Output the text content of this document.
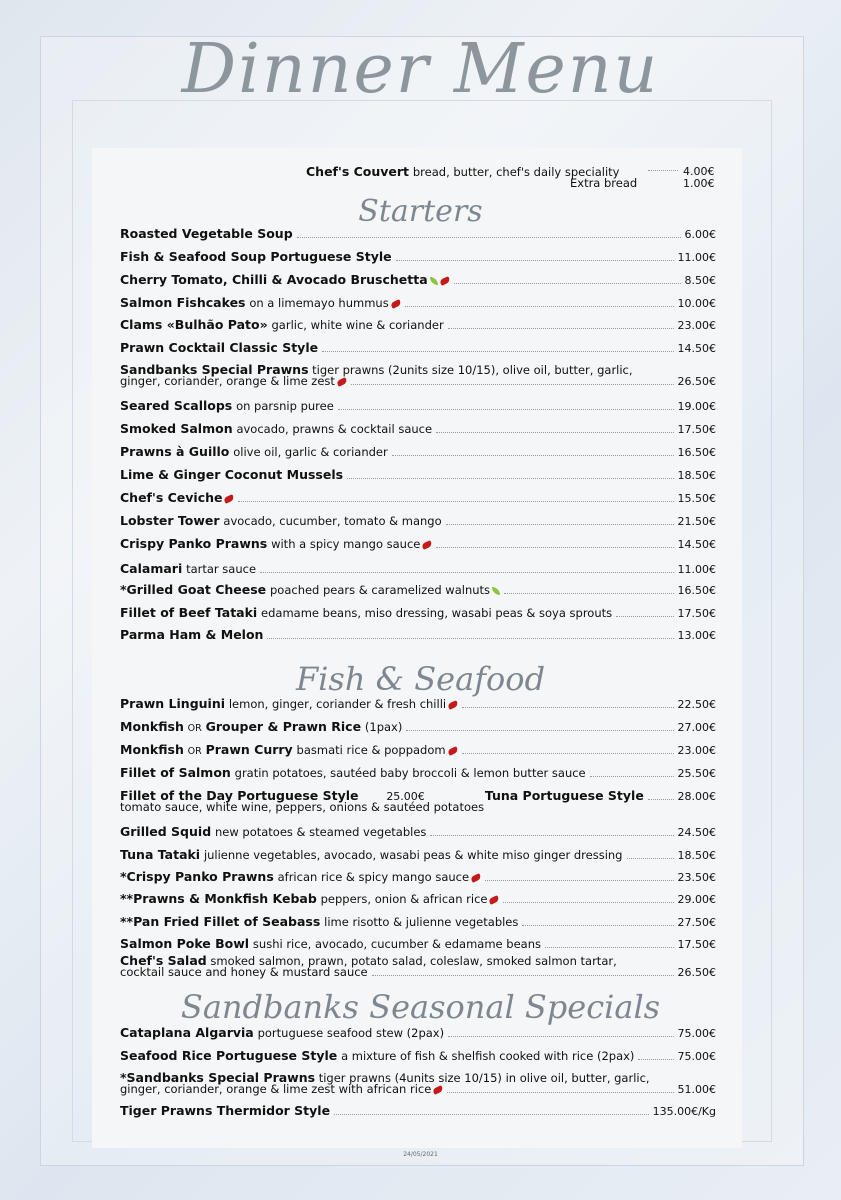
Dinner Menu
Chef's Couvert bread, butter, chef's daily speciality	4.00€
Extra bread	1.00€
Starters
Roasted Vegetable Soup	6.00€
Fish & Seafood Soup Portuguese Style	11.00€
Cherry Tomato, Chilli & Avocado Bruschetta	8.50€
Salmon Fishcakes on a limemayo hummus	10.00€
Clams «Bulhão Pato» garlic, white wine & coriander	23.00€
Prawn Cocktail Classic Style	14.50€
Sandbanks Special Prawns tiger prawns (2units size 10/15), olive oil, butter, garlic,
ginger, coriander, orange & lime zest	26.50€
Seared Scallops on parsnip puree	19.00€
Smoked Salmon avocado, prawns & cocktail sauce	17.50€
Prawns à Guillo olive oil, garlic & coriander	16.50€
Lime & Ginger Coconut Mussels	18.50€
Chef's Ceviche	15.50€
Lobster Tower avocado, cucumber, tomato & mango	21.50€
Crispy Panko Prawns with a spicy mango sauce	14.50€
Calamari tartar sauce	11.00€
*Grilled Goat Cheese poached pears & caramelized walnuts	16.50€
Fillet of Beef Tataki edamame beans, miso dressing, wasabi peas & soya sprouts	17.50€
Parma Ham & Melon	13.00€
Fish & Seafood
Prawn Linguini lemon, ginger, coriander & fresh chilli	22.50€
Monkfish OR Grouper & Prawn Rice (1pax)	27.00€
Monkfish OR Prawn Curry basmati rice & poppadom	23.00€
Fillet of Salmon gratin potatoes, sautéed baby broccoli & lemon butter sauce	25.50€
Fillet of the Day Portuguese Style	25.00€	Tuna Portuguese Style	28.00€
tomato sauce, white wine, peppers, onions & sautéed potatoes
Grilled Squid new potatoes & steamed vegetables	24.50€
Tuna Tataki julienne vegetables, avocado, wasabi peas & white miso ginger dressing	18.50€
*Crispy Panko Prawns african rice & spicy mango sauce	23.50€
**Prawns & Monkfish Kebab peppers, onion & african rice	29.00€
**Pan Fried Fillet of Seabass lime risotto & julienne vegetables	27.50€
Salmon Poke Bowl sushi rice, avocado, cucumber & edamame beans	17.50€
Chef's Salad smoked salmon, prawn, potato salad, coleslaw, smoked salmon tartar,
cocktail sauce and honey & mustard sauce	26.50€
Sandbanks Seasonal Specials
Cataplana Algarvia portuguese seafood stew (2pax)	75.00€
Seafood Rice Portuguese Style a mixture of fish & shelfish cooked with rice (2pax)	75.00€
*Sandbanks Special Prawns tiger prawns (4units size 10/15) in olive oil, butter, garlic,
ginger, coriander, orange & lime zest with african rice	51.00€
Tiger Prawns Thermidor Style	135.00€/Kg
24/05/2021
